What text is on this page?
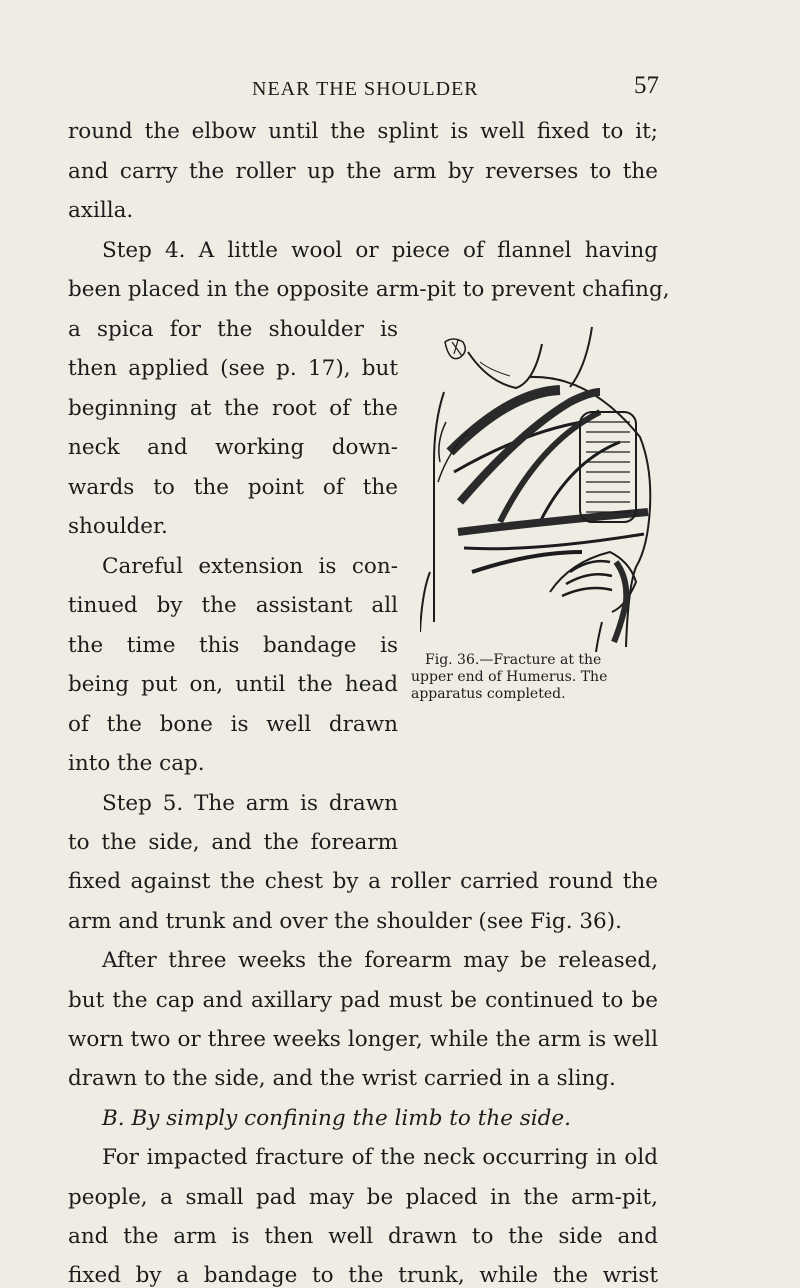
NEAR THE SHOULDER	57
round the elbow until the splint is well fixed to it;
and carry the roller up the arm by reverses to the
axilla.
Step 4. A little wool or piece of flannel having
been placed in the opposite arm-pit to prevent chafing,
a spica for the shoulder is
then applied (see p. 17), but
beginning at the root of the
neck and working down-
wards to the point of the
shoulder.
Careful extension is con-
tinued by the assistant all
the time this bandage is
being put on, until the head
of the bone is well drawn
into the cap.
Step 5. The arm is drawn
to the side, and the forearm
fixed against the chest by a roller carried round the
arm and trunk and over the shoulder (see Fig. 36).
After three weeks the forearm may be released,
but the cap and axillary pad must be continued to be
worn two or three weeks longer, while the arm is well
drawn to the side, and the wrist carried in a sling.
B. By simply confining the limb to the side.
For impacted fracture of the neck occurring in old
people, a small pad may be placed in the arm-pit,
and the arm is then well drawn to the side and
fixed by a bandage to the trunk, while the wrist
Fig. 36.—Fracture at the
upper end of Humerus. The
apparatus completed.
